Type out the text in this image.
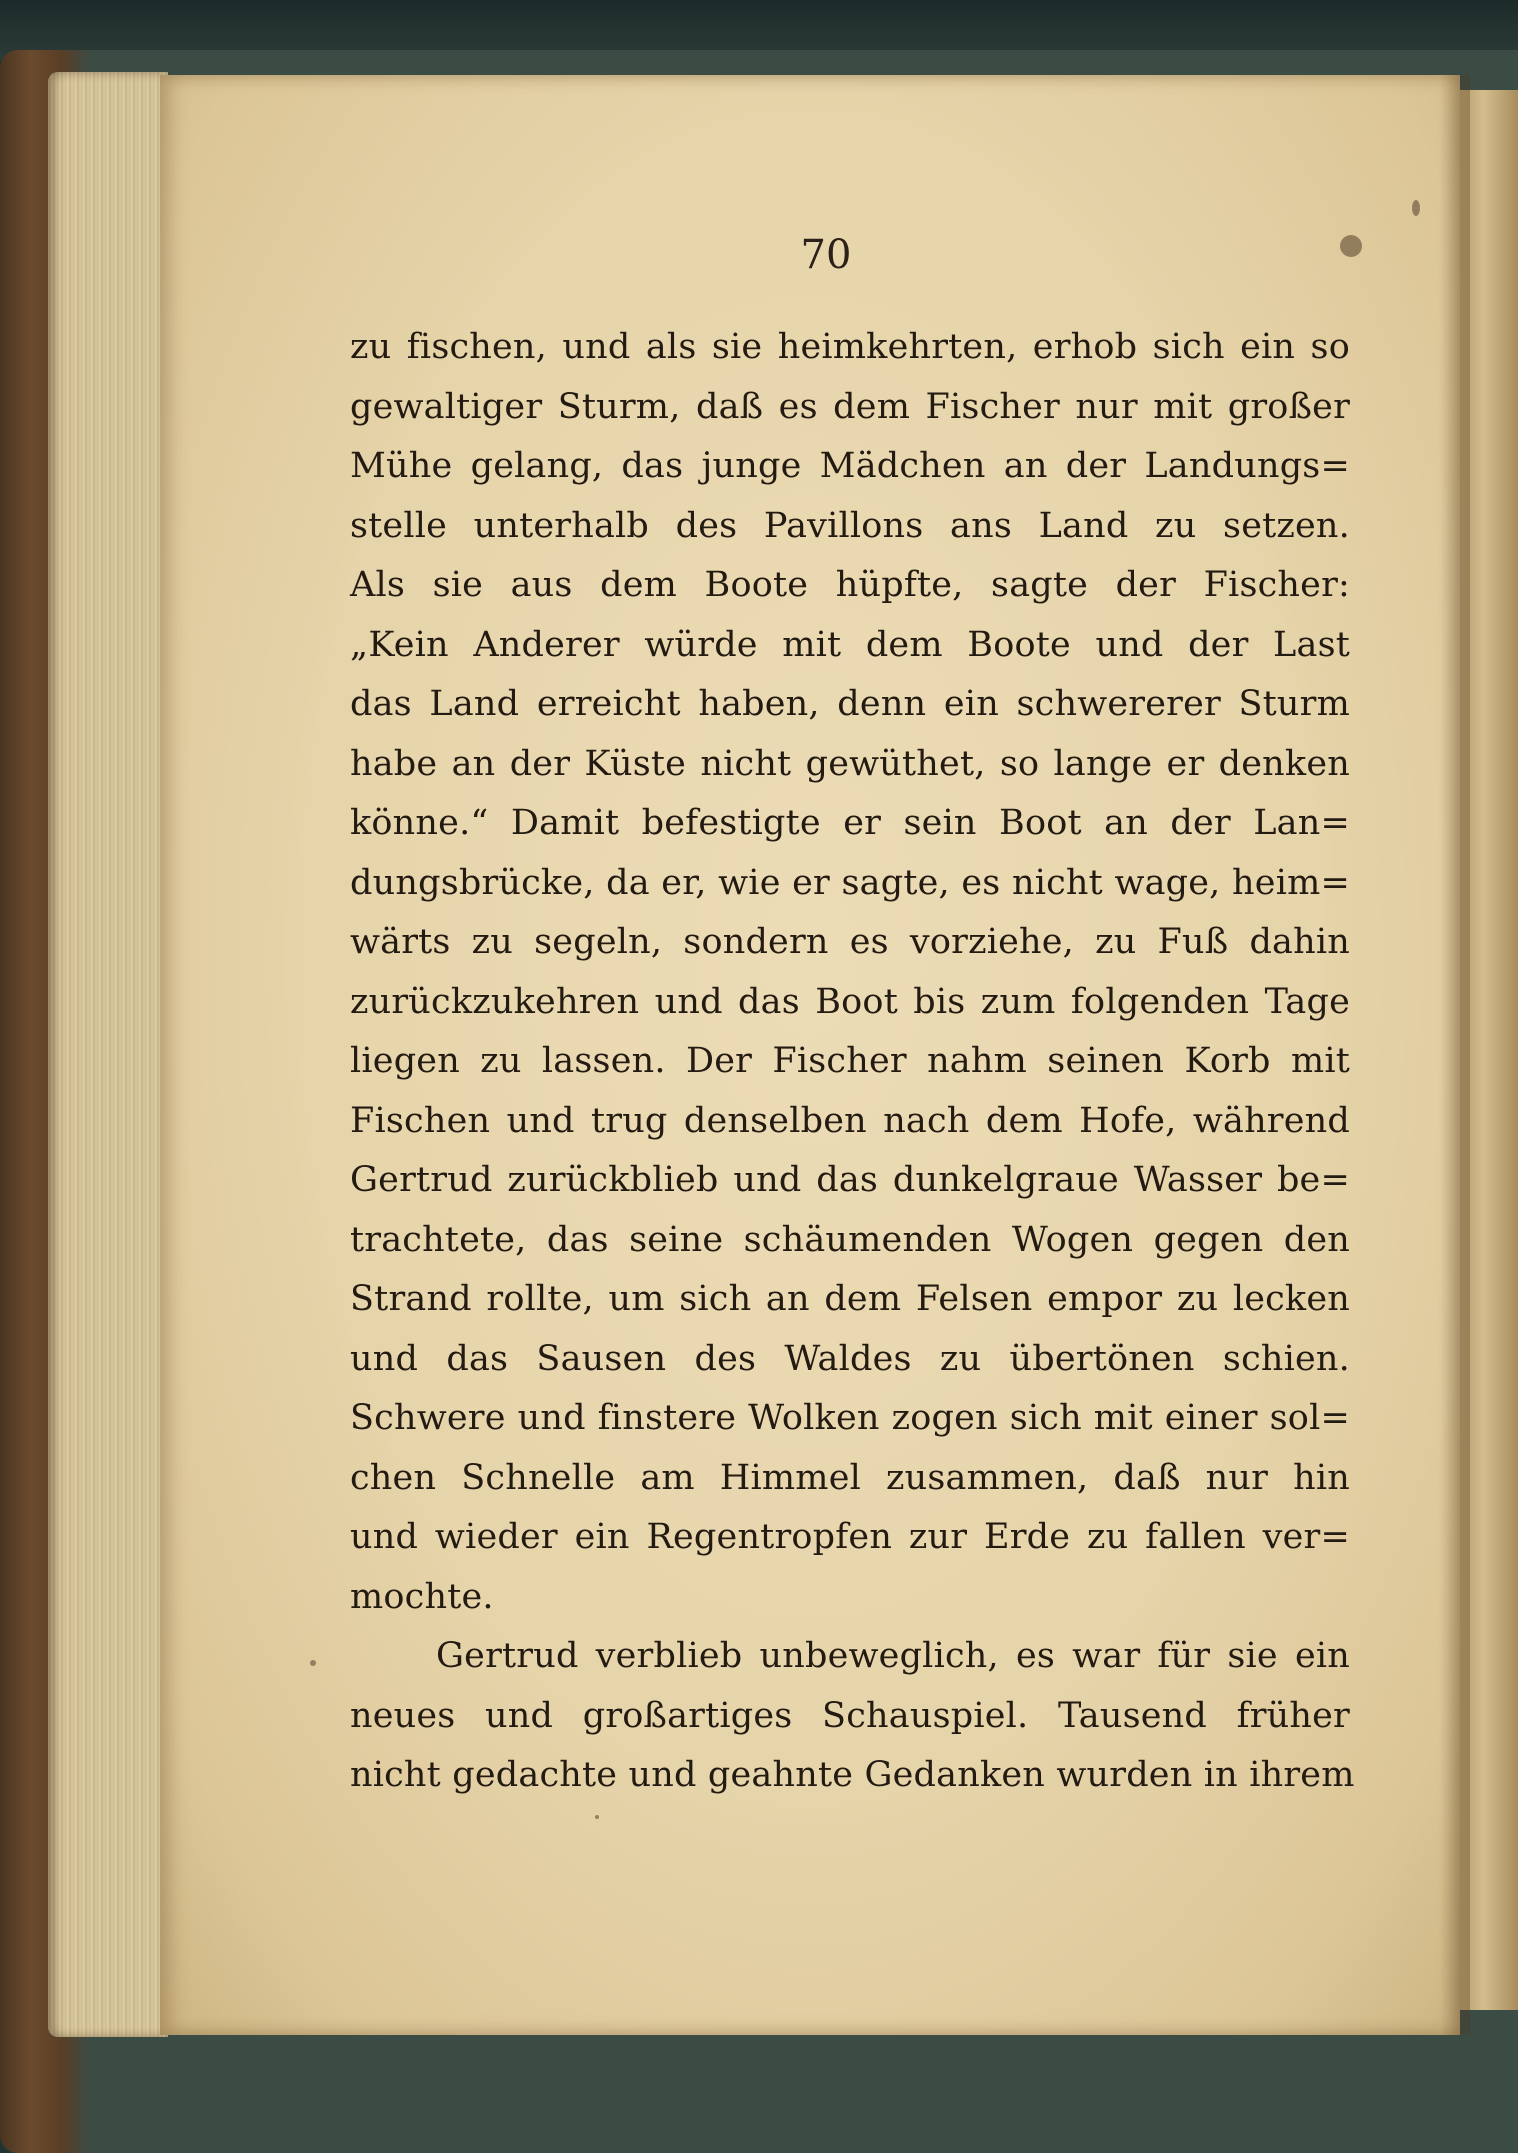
70
zu fischen, und als sie heimkehrten, erhob sich ein so
gewaltiger Sturm, daß es dem Fischer nur mit großer
Mühe gelang, das junge Mädchen an der Landungs=
stelle unterhalb des Pavillons ans Land zu setzen.
Als sie aus dem Boote hüpfte, sagte der Fischer:
„Kein Anderer würde mit dem Boote und der Last
das Land erreicht haben, denn ein schwererer Sturm
habe an der Küste nicht gewüthet, so lange er denken
könne.“ Damit befestigte er sein Boot an der Lan=
dungsbrücke, da er, wie er sagte, es nicht wage, heim=
wärts zu segeln, sondern es vorziehe, zu Fuß dahin
zurückzukehren und das Boot bis zum folgenden Tage
liegen zu lassen. Der Fischer nahm seinen Korb mit
Fischen und trug denselben nach dem Hofe, während
Gertrud zurückblieb und das dunkelgraue Wasser be=
trachtete, das seine schäumenden Wogen gegen den
Strand rollte, um sich an dem Felsen empor zu lecken
und das Sausen des Waldes zu übertönen schien.
Schwere und finstere Wolken zogen sich mit einer sol=
chen Schnelle am Himmel zusammen, daß nur hin
und wieder ein Regentropfen zur Erde zu fallen ver=
mochte.
Gertrud verblieb unbeweglich, es war für sie ein
neues und großartiges Schauspiel. Tausend früher
nicht gedachte und geahnte Gedanken wurden in ihrem
